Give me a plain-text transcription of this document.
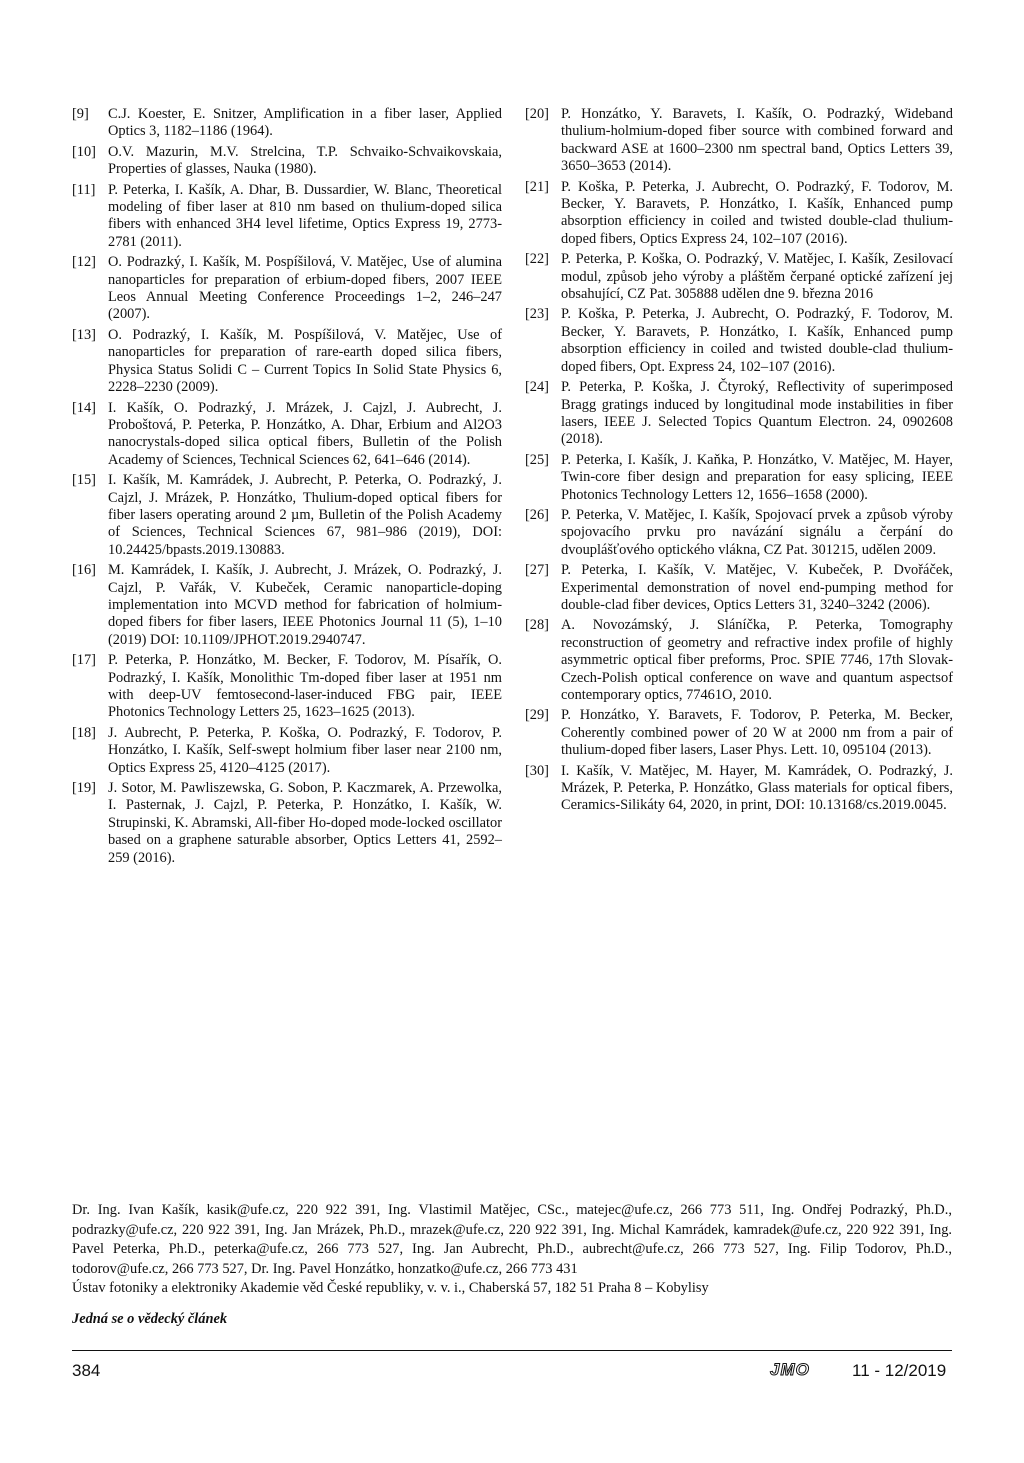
[9] C.J. Koester, E. Snitzer, Amplification in a fiber laser, Applied Optics 3, 1182–1186 (1964).
[10] O.V. Mazurin, M.V. Strelcina, T.P. Schvaiko-Schvaikovskaia, Properties of glasses, Nauka (1980).
[11] P. Peterka, I. Kašík, A. Dhar, B. Dussardier, W. Blanc, Theoretical modeling of fiber laser at 810 nm based on thulium-doped silica fibers with enhanced 3H4 level lifetime, Optics Express 19, 2773-2781 (2011).
[12] O. Podrazký, I. Kašík, M. Pospíšilová, V. Matějec, Use of alumina nanoparticles for preparation of erbium-doped fibers, 2007 IEEE Leos Annual Meeting Conference Proceedings 1–2, 246–247 (2007).
[13] O. Podrazký, I. Kašík, M. Pospíšilová, V. Matějec, Use of nanoparticles for preparation of rare-earth doped silica fibers, Physica Status Solidi C – Current Topics In Solid State Physics 6, 2228–2230 (2009).
[14] I. Kašík, O. Podrazký, J. Mrázek, J. Cajzl, J. Aubrecht, J. Proboštová, P. Peterka, P. Honzátko, A. Dhar, Erbium and Al2O3 nanocrystals-doped silica optical fibers, Bulletin of the Polish Academy of Sciences, Technical Sciences 62, 641–646 (2014).
[15] I. Kašík, M. Kamrádek, J. Aubrecht, P. Peterka, O. Podrazký, J. Cajzl, J. Mrázek, P. Honzátko, Thulium-doped optical fibers for fiber lasers operating around 2 µm, Bulletin of the Polish Academy of Sciences, Technical Sciences 67, 981–986 (2019), DOI: 10.24425/bpasts.2019.130883.
[16] M. Kamrádek, I. Kašík, J. Aubrecht, J. Mrázek, O. Podrazký, J. Cajzl, P. Vařák, V. Kubeček, Ceramic nanoparticle-doping implementation into MCVD method for fabrication of holmium-doped fibers for fiber lasers, IEEE Photonics Journal 11 (5), 1–10 (2019) DOI: 10.1109/JPHOT.2019.2940747.
[17] P. Peterka, P. Honzátko, M. Becker, F. Todorov, M. Písařík, O. Podrazký, I. Kašík, Monolithic Tm-doped fiber laser at 1951 nm with deep-UV femtosecond-laser-induced FBG pair, IEEE Photonics Technology Letters 25, 1623–1625 (2013).
[18] J. Aubrecht, P. Peterka, P. Koška, O. Podrazký, F. Todorov, P. Honzátko, I. Kašík, Self-swept holmium fiber laser near 2100 nm, Optics Express 25, 4120–4125 (2017).
[19] J. Sotor, M. Pawliszewska, G. Sobon, P. Kaczmarek, A. Przewolka, I. Pasternak, J. Cajzl, P. Peterka, P. Honzátko, I. Kašík, W. Strupinski, K. Abramski, All-fiber Ho-doped mode-locked oscillator based on a graphene saturable absorber, Optics Letters 41, 2592–259 (2016).
[20] P. Honzátko, Y. Baravets, I. Kašík, O. Podrazký, Wideband thulium-holmium-doped fiber source with combined forward and backward ASE at 1600–2300 nm spectral band, Optics Letters 39, 3650–3653 (2014).
[21] P. Koška, P. Peterka, J. Aubrecht, O. Podrazký, F. Todorov, M. Becker, Y. Baravets, P. Honzátko, I. Kašík, Enhanced pump absorption efficiency in coiled and twisted double-clad thulium-doped fibers, Optics Express 24, 102–107 (2016).
[22] P. Peterka, P. Koška, O. Podrazký, V. Matějec, I. Kašík, Zesilovací modul, způsob jeho výroby a pláštěm čerpané optické zařízení jej obsahující, CZ Pat. 305888 udělen dne 9. března 2016
[23] P. Koška, P. Peterka, J. Aubrecht, O. Podrazký, F. Todorov, M. Becker, Y. Baravets, P. Honzátko, I. Kašík, Enhanced pump absorption efficiency in coiled and twisted double-clad thulium-doped fibers, Opt. Express 24, 102–107 (2016).
[24] P. Peterka, P. Koška, J. Čtyroký, Reflectivity of superimposed Bragg gratings induced by longitudinal mode instabilities in fiber lasers, IEEE J. Selected Topics Quantum Electron. 24, 0902608 (2018).
[25] P. Peterka, I. Kašík, J. Kaňka, P. Honzátko, V. Matějec, M. Hayer, Twin-core fiber design and preparation for easy splicing, IEEE Photonics Technology Letters 12, 1656–1658 (2000).
[26] P. Peterka, V. Matějec, I. Kašík, Spojovací prvek a způsob výroby spojovacího prvku pro navázání signálu a čerpání do dvouplášťového optického vlákna, CZ Pat. 301215, udělen 2009.
[27] P. Peterka, I. Kašík, V. Matějec, V. Kubeček, P. Dvořáček, Experimental demonstration of novel end-pumping method for double-clad fiber devices, Optics Letters 31, 3240–3242 (2006).
[28] A. Novozámský, J. Sláníčka, P. Peterka, Tomography reconstruction of geometry and refractive index profile of highly asymmetric optical fiber preforms, Proc. SPIE 7746, 17th Slovak-Czech-Polish optical conference on wave and quantum aspectsof contemporary optics, 77461O, 2010.
[29] P. Honzátko, Y. Baravets, F. Todorov, P. Peterka, M. Becker, Coherently combined power of 20 W at 2000 nm from a pair of thulium-doped fiber lasers, Laser Phys. Lett. 10, 095104 (2013).
[30] I. Kašík, V. Matějec, M. Hayer, M. Kamrádek, O. Podrazký, J. Mrázek, P. Peterka, P. Honzátko, Glass materials for optical fibers, Ceramics-Silikáty 64, 2020, in print, DOI: 10.13168/cs.2019.0045.
Dr. Ing. Ivan Kašík, kasik@ufe.cz, 220 922 391, Ing. Vlastimil Matějec, CSc., matejec@ufe.cz, 266 773 511, Ing. Ondřej Podrazký, Ph.D., podrazky@ufe.cz, 220 922 391, Ing. Jan Mrázek, Ph.D., mrazek@ufe.cz, 220 922 391, Ing. Michal Kamrádek, kamradek@ufe.cz, 220 922 391, Ing. Pavel Peterka, Ph.D., peterka@ufe.cz, 266 773 527, Ing. Jan Aubrecht, Ph.D., aubrecht@ufe.cz, 266 773 527, Ing. Filip Todorov, Ph.D., todorov@ufe.cz, 266 773 527, Dr. Ing. Pavel Honzátko, honzatko@ufe.cz, 266 773 431
Ústav fotoniky a elektroniky Akademie věd České republiky, v. v. i., Chaberská 57, 182 51 Praha 8 – Kobylisy
Jedná se o vědecký článek
384	JMO 11 - 12/2019
